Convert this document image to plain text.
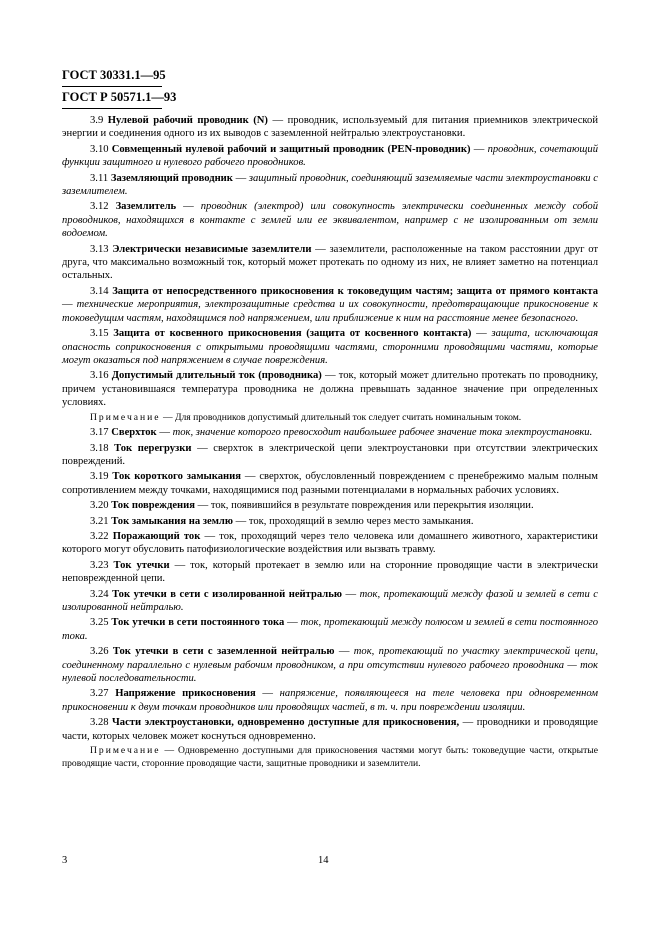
ГОСТ 30331.1—95
ГОСТ Р 50571.1—93
3.9 Нулевой рабочий проводник (N) — проводник, используемый для питания приемников электрической энергии и соединения одного из их выводов с заземленной нейтралью электроустановки.
3.10 Совмещенный нулевой рабочий и защитный проводник (PEN-проводник) — проводник, сочетающий функции защитного и нулевого рабочего проводников.
3.11 Заземляющий проводник — защитный проводник, соединяющий заземляемые части электроустановки с заземлителем.
3.12 Заземлитель — проводник (электрод) или совокупность электрически соединенных между собой проводников, находящихся в контакте с землей или ее эквивалентом, например с не изолированным от земли водоемом.
3.13 Электрически независимые заземлители — заземлители, расположенные на таком расстоянии друг от друга, что максимально возможный ток, который может протекать по одному из них, не влияет заметно на потенциал остальных.
3.14 Защита от непосредственного прикосновения к токоведущим частям; защита от прямого контакта — технические мероприятия, электрозащитные средства и их совокупности, предотвращающие прикосновение к токоведущим частям, находящимся под напряжением, или приближение к ним на расстояние менее безопасного.
3.15 Защита от косвенного прикосновения (защита от косвенного контакта) — защита, исключающая опасность соприкосновения с открытыми проводящими частями, сторонними проводящими частями, которые могут оказаться под напряжением в случае повреждения.
3.16 Допустимый длительный ток (проводника) — ток, который может длительно протекать по проводнику, причем установившаяся температура проводника не должна превышать заданное значение при определенных условиях.
Примечание — Для проводников допустимый длительный ток следует считать номинальным током.
3.17 Сверхток — ток, значение которого превосходит наибольшее рабочее значение тока электроустановки.
3.18 Ток перегрузки — сверхток в электрической цепи электроустановки при отсутствии электрических повреждений.
3.19 Ток короткого замыкания — сверхток, обусловленный повреждением с пренебрежимо малым полным сопротивлением между точками, находящимися под разными потенциалами в нормальных рабочих условиях.
3.20 Ток повреждения — ток, появившийся в результате повреждения или перекрытия изоляции.
3.21 Ток замыкания на землю — ток, проходящий в землю через место замыкания.
3.22 Поражающий ток — ток, проходящий через тело человека или домашнего животного, характеристики которого могут обусловить патофизиологические воздействия или вызвать травму.
3.23 Ток утечки — ток, который протекает в землю или на сторонние проводящие части в электрически неповрежденной цепи.
3.24 Ток утечки в сети с изолированной нейтралью — ток, протекающий между фазой и землей в сети с изолированной нейтралью.
3.25 Ток утечки в сети постоянного тока — ток, протекающий между полюсом и землей в сети постоянного тока.
3.26 Ток утечки в сети с заземленной нейтралью — ток, протекающий по участку электрической цепи, соединенному параллельно с нулевым рабочим проводником, а при отсутствии нулевого рабочего проводника — ток нулевой последовательности.
3.27 Напряжение прикосновения — напряжение, появляющееся на теле человека при одновременном прикосновении к двум точкам проводников или проводящих частей, в т. ч. при повреждении изоляции.
3.28 Части электроустановки, одновременно доступные для прикосновения, — проводники и проводящие части, которых человек может коснуться одновременно.
Примечание — Одновременно доступными для прикосновения частями могут быть: токоведущие части, открытые проводящие части, сторонние проводящие части, защитные проводники и заземлители.
3	14
